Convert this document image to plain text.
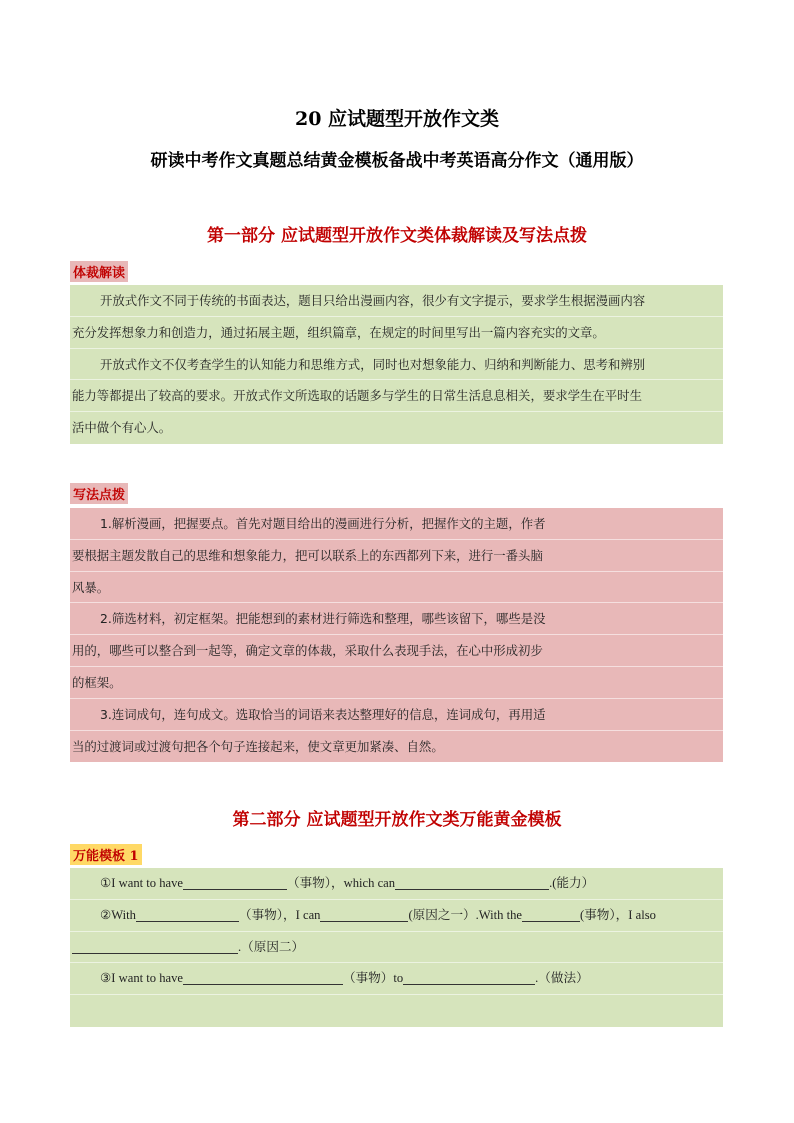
20 应试题型开放作文类
研读中考作文真题总结黄金模板备战中考英语高分作文（通用版）
第一部分 应试题型开放作文类体裁解读及写法点拨
体裁解读
开放式作文不同于传统的书面表达，题目只给出漫画内容，很少有文字提示，要求学生根据漫画内容
充分发挥想象力和创造力，通过拓展主题，组织篇章，在规定的时间里写出一篇内容充实的文章。
开放式作文不仅考查学生的认知能力和思维方式，同时也对想象能力、归纳和判断能力、思考和辨别
能力等都提出了较高的要求。开放式作文所选取的话题多与学生的日常生活息息相关，要求学生在平时生
活中做个有心人。
写法点拨
1.解析漫画，把握要点。首先对题目给出的漫画进行分析，把握作文的主题，作者
要根据主题发散自己的思维和想象能力，把可以联系上的东西都列下来，进行一番头脑
风暴。
2.筛选材料，初定框架。把能想到的素材进行筛选和整理，哪些该留下，哪些是没
用的，哪些可以整合到一起等，确定文章的体裁，采取什么表现手法，在心中形成初步
的框架。
3.连词成句，连句成文。选取恰当的词语来表达整理好的信息，连词成句，再用适
当的过渡词或过渡句把各个句子连接起来，使文章更加紧凑、自然。
第二部分 应试题型开放作文类万能黄金模板
万能模板 1
①I want to have	（事物），which can	.(能力）
②With	（事物），I can	(原因之一）.With the	(事物），I also
.（原因二）
③I want to have	（事物）to	.（做法）
